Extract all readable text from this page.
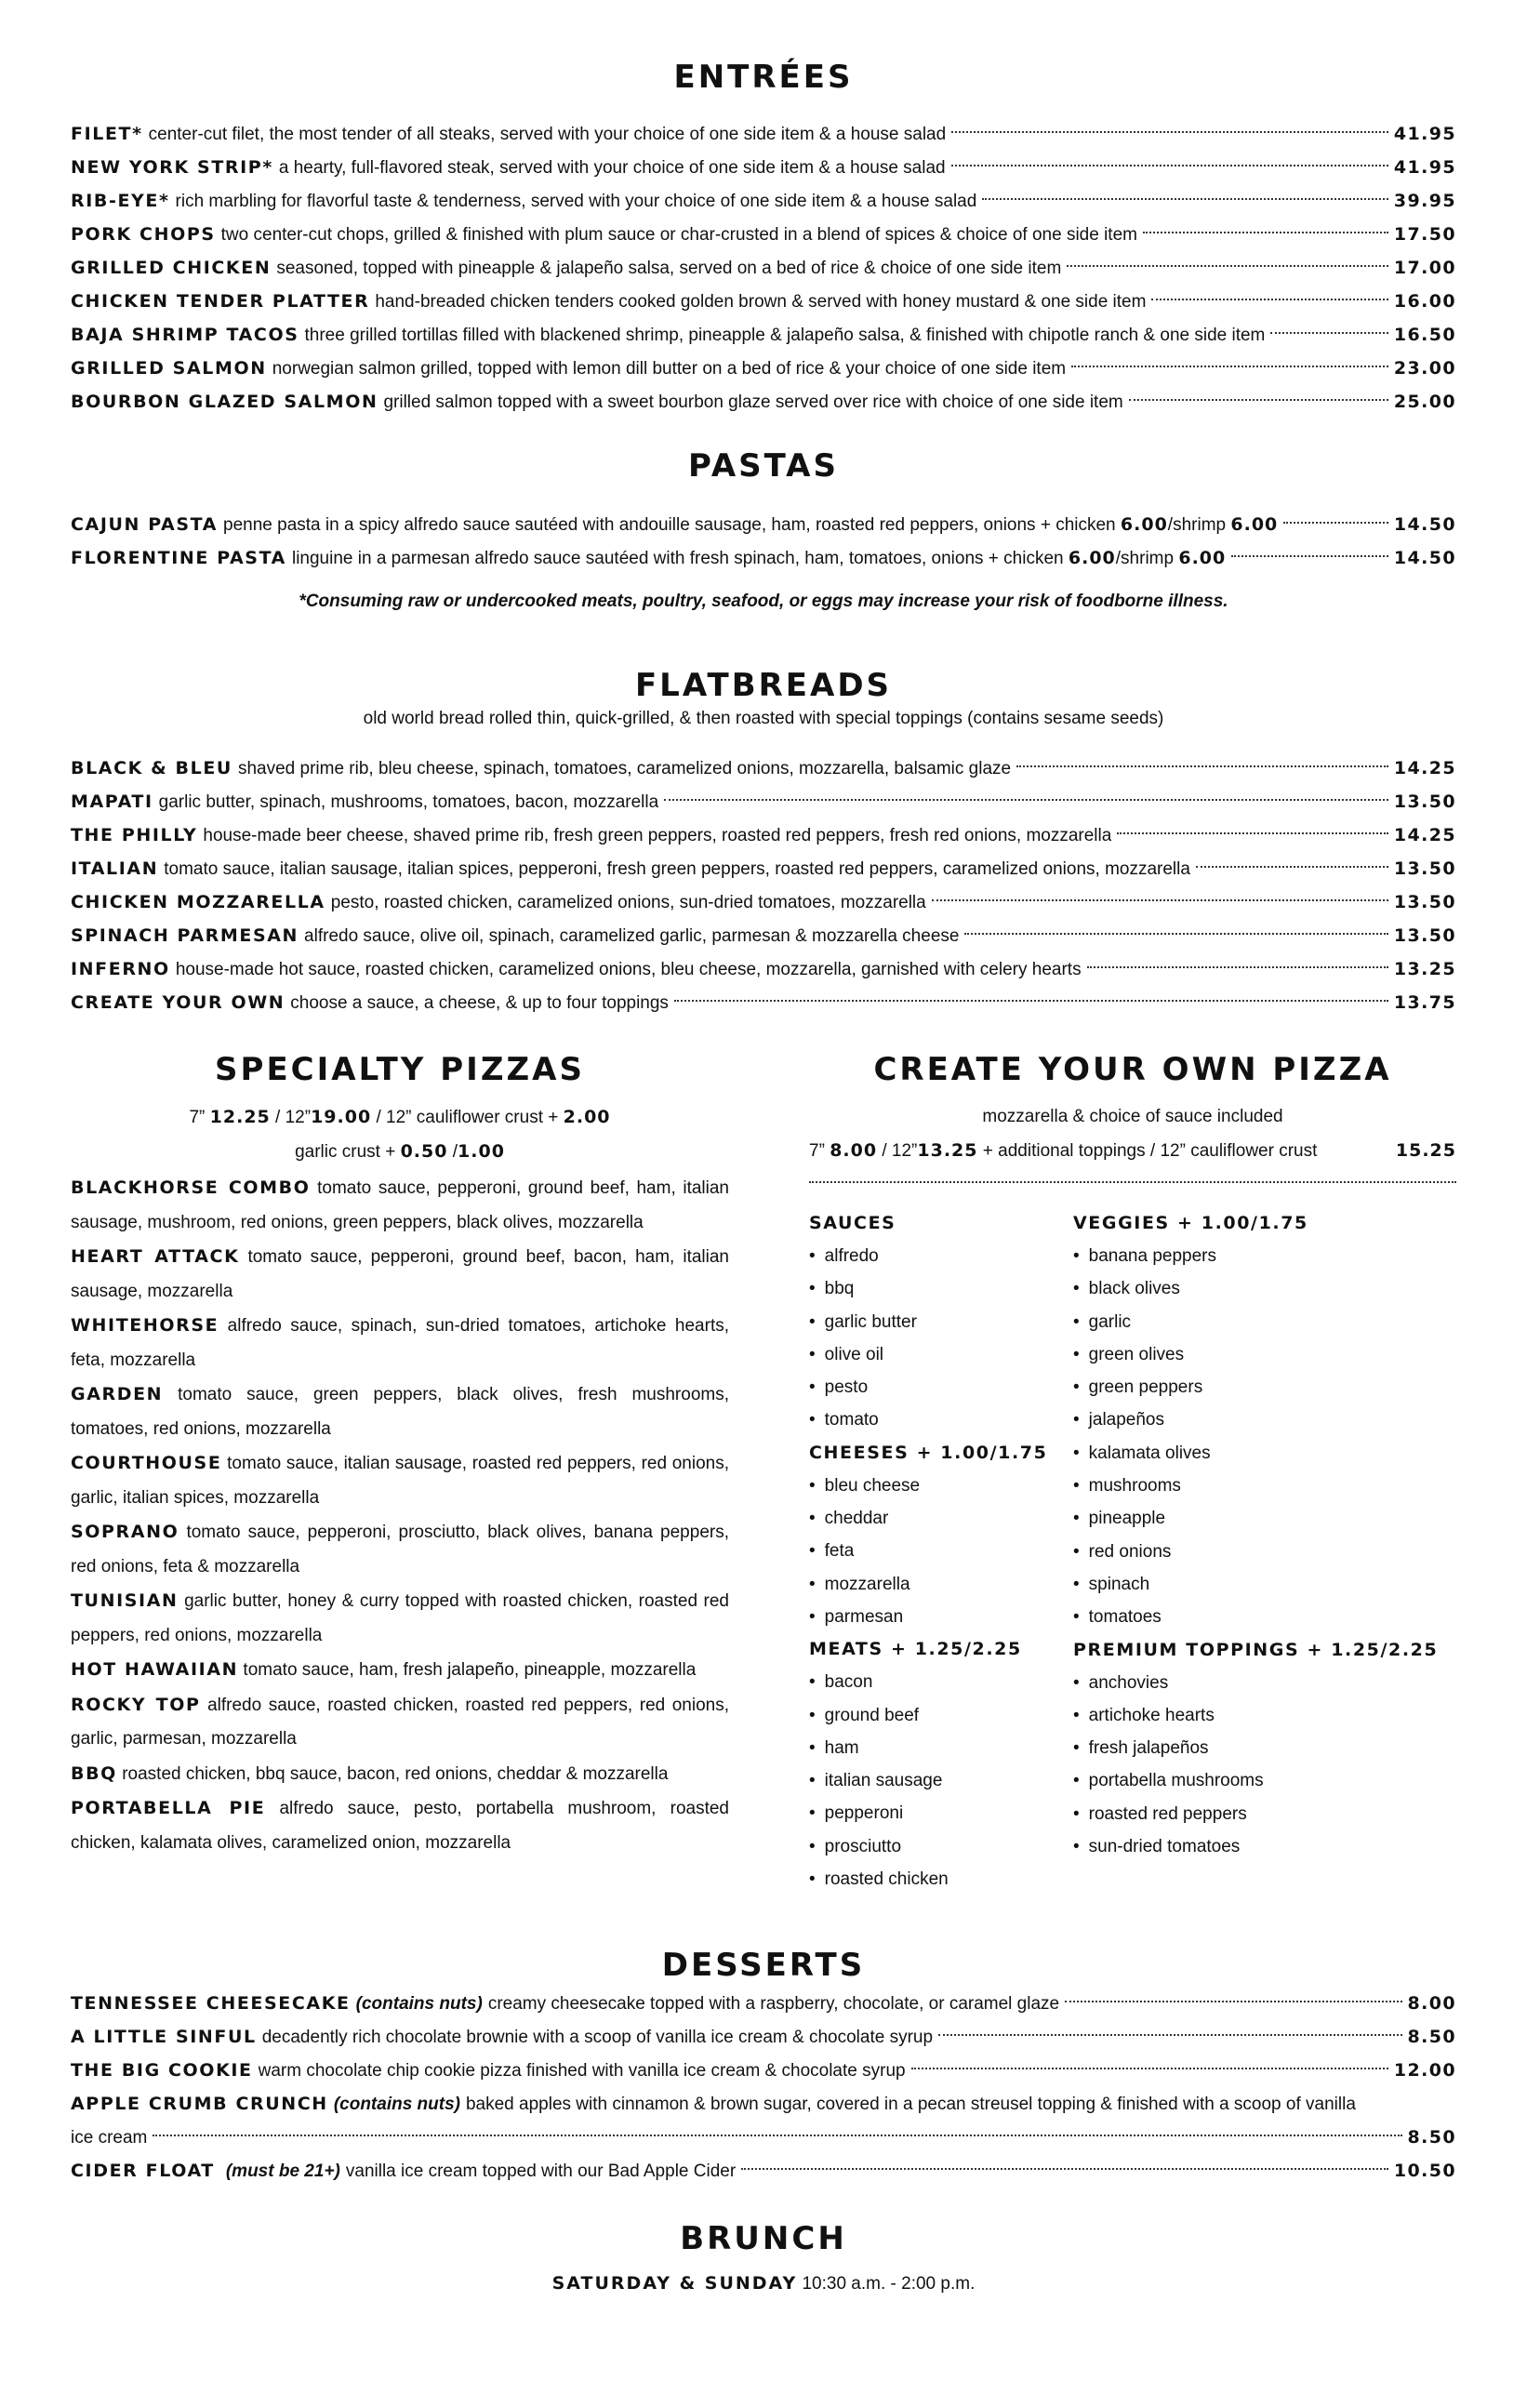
ENTRÉES
FILET* center-cut filet, the most tender of all steaks, served with your choice of one side item & a house salad	41.95
NEW YORK STRIP* a hearty, full-flavored steak, served with your choice of one side item & a house salad	41.95
RIB-EYE* rich marbling for flavorful taste & tenderness, served with your choice of one side item & a house salad	39.95
PORK CHOPS two center-cut chops, grilled & finished with plum sauce or char-crusted in a blend of spices & choice of one side item	17.50
GRILLED CHICKEN seasoned, topped with pineapple & jalapeño salsa, served on a bed of rice & choice of one side item	17.00
CHICKEN TENDER PLATTER hand-breaded chicken tenders cooked golden brown & served with honey mustard & one side item	16.00
BAJA SHRIMP TACOS three grilled tortillas filled with blackened shrimp, pineapple & jalapeño salsa, & finished with chipotle ranch & one side item	16.50
GRILLED SALMON norwegian salmon grilled, topped with lemon dill butter on a bed of rice & your choice of one side item	23.00
BOURBON GLAZED SALMON grilled salmon topped with a sweet bourbon glaze served over rice with choice of one side item	25.00
PASTAS
CAJUN PASTA penne pasta in a spicy alfredo sauce sautéed with andouille sausage, ham, roasted red peppers, onions + chicken 6.00/shrimp 6.00	14.50
FLORENTINE PASTA linguine in a parmesan alfredo sauce sautéed with fresh spinach, ham, tomatoes, onions + chicken 6.00/shrimp 6.00	14.50
*Consuming raw or undercooked meats, poultry, seafood, or eggs may increase your risk of foodborne illness.
FLATBREADS
old world bread rolled thin, quick-grilled, & then roasted with special toppings (contains sesame seeds)
BLACK & BLEU shaved prime rib, bleu cheese, spinach, tomatoes, caramelized onions, mozzarella, balsamic glaze	14.25
MAPATI garlic butter, spinach, mushrooms, tomatoes, bacon, mozzarella	13.50
THE PHILLY house-made beer cheese, shaved prime rib, fresh green peppers, roasted red peppers, fresh red onions, mozzarella	14.25
ITALIAN tomato sauce, italian sausage, italian spices, pepperoni, fresh green peppers, roasted red peppers, caramelized onions, mozzarella	13.50
CHICKEN MOZZARELLA pesto, roasted chicken, caramelized onions, sun-dried tomatoes, mozzarella	13.50
SPINACH PARMESAN alfredo sauce, olive oil, spinach, caramelized garlic, parmesan & mozzarella cheese	13.50
INFERNO house-made hot sauce, roasted chicken, caramelized onions, bleu cheese, mozzarella, garnished with celery hearts	13.25
CREATE YOUR OWN choose a sauce, a cheese, & up to four toppings	13.75
SPECIALTY PIZZAS
7” 12.25 / 12”19.00 / 12” cauliflower crust + 2.00
garlic crust + 0.50 /1.00
BLACKHORSE COMBO tomato sauce, pepperoni, ground beef, ham, italian sausage, mushroom, red onions, green peppers, black olives, mozzarella
HEART ATTACK tomato sauce, pepperoni, ground beef, bacon, ham, italian sausage, mozzarella
WHITEHORSE alfredo sauce, spinach, sun-dried tomatoes, artichoke hearts, feta, mozzarella
GARDEN tomato sauce, green peppers, black olives, fresh mushrooms, tomatoes, red onions, mozzarella
COURTHOUSE tomato sauce, italian sausage, roasted red peppers, red onions, garlic, italian spices, mozzarella
SOPRANO tomato sauce, pepperoni, prosciutto, black olives, banana peppers, red onions, feta & mozzarella
TUNISIAN garlic butter, honey & curry topped with roasted chicken, roasted red peppers, red onions, mozzarella
HOT HAWAIIAN tomato sauce, ham, fresh jalapeño, pineapple, mozzarella
ROCKY TOP alfredo sauce, roasted chicken, roasted red peppers, red onions, garlic, parmesan, mozzarella
BBQ roasted chicken, bbq sauce, bacon, red onions, cheddar & mozzarella
PORTABELLA PIE alfredo sauce, pesto, portabella mushroom, roasted chicken, kalamata olives, caramelized onion, mozzarella
CREATE YOUR OWN PIZZA
mozzarella & choice of sauce included
7” 8.00 / 12”13.25 + additional toppings / 12” cauliflower crust	15.25
SAUCES
• alfredo
• bbq
• garlic butter
• olive oil
• pesto
• tomato
CHEESES + 1.00/1.75
• bleu cheese
• cheddar
• feta
• mozzarella
• parmesan
MEATS + 1.25/2.25
• bacon
• ground beef
• ham
• italian sausage
• pepperoni
• prosciutto
• roasted chicken
VEGGIES + 1.00/1.75
• banana peppers
• black olives
• garlic
• green olives
• green peppers
• jalapeños
• kalamata olives
• mushrooms
• pineapple
• red onions
• spinach
• tomatoes
PREMIUM TOPPINGS + 1.25/2.25
• anchovies
• artichoke hearts
• fresh jalapeños
• portabella mushrooms
• roasted red peppers
• sun-dried tomatoes
DESSERTS
TENNESSEE CHEESECAKE (contains nuts) creamy cheesecake topped with a raspberry, chocolate, or caramel glaze	8.00
A LITTLE SINFUL decadently rich chocolate brownie with a scoop of vanilla ice cream & chocolate syrup	8.50
THE BIG COOKIE warm chocolate chip cookie pizza finished with vanilla ice cream & chocolate syrup	12.00
APPLE CRUMB CRUNCH (contains nuts) baked apples with cinnamon & brown sugar, covered in a pecan streusel topping & finished with a scoop of vanilla
ice cream	8.50
CIDER FLOAT (must be 21+) vanilla ice cream topped with our Bad Apple Cider	10.50
BRUNCH
SATURDAY & SUNDAY 10:30 a.m. - 2:00 p.m.
